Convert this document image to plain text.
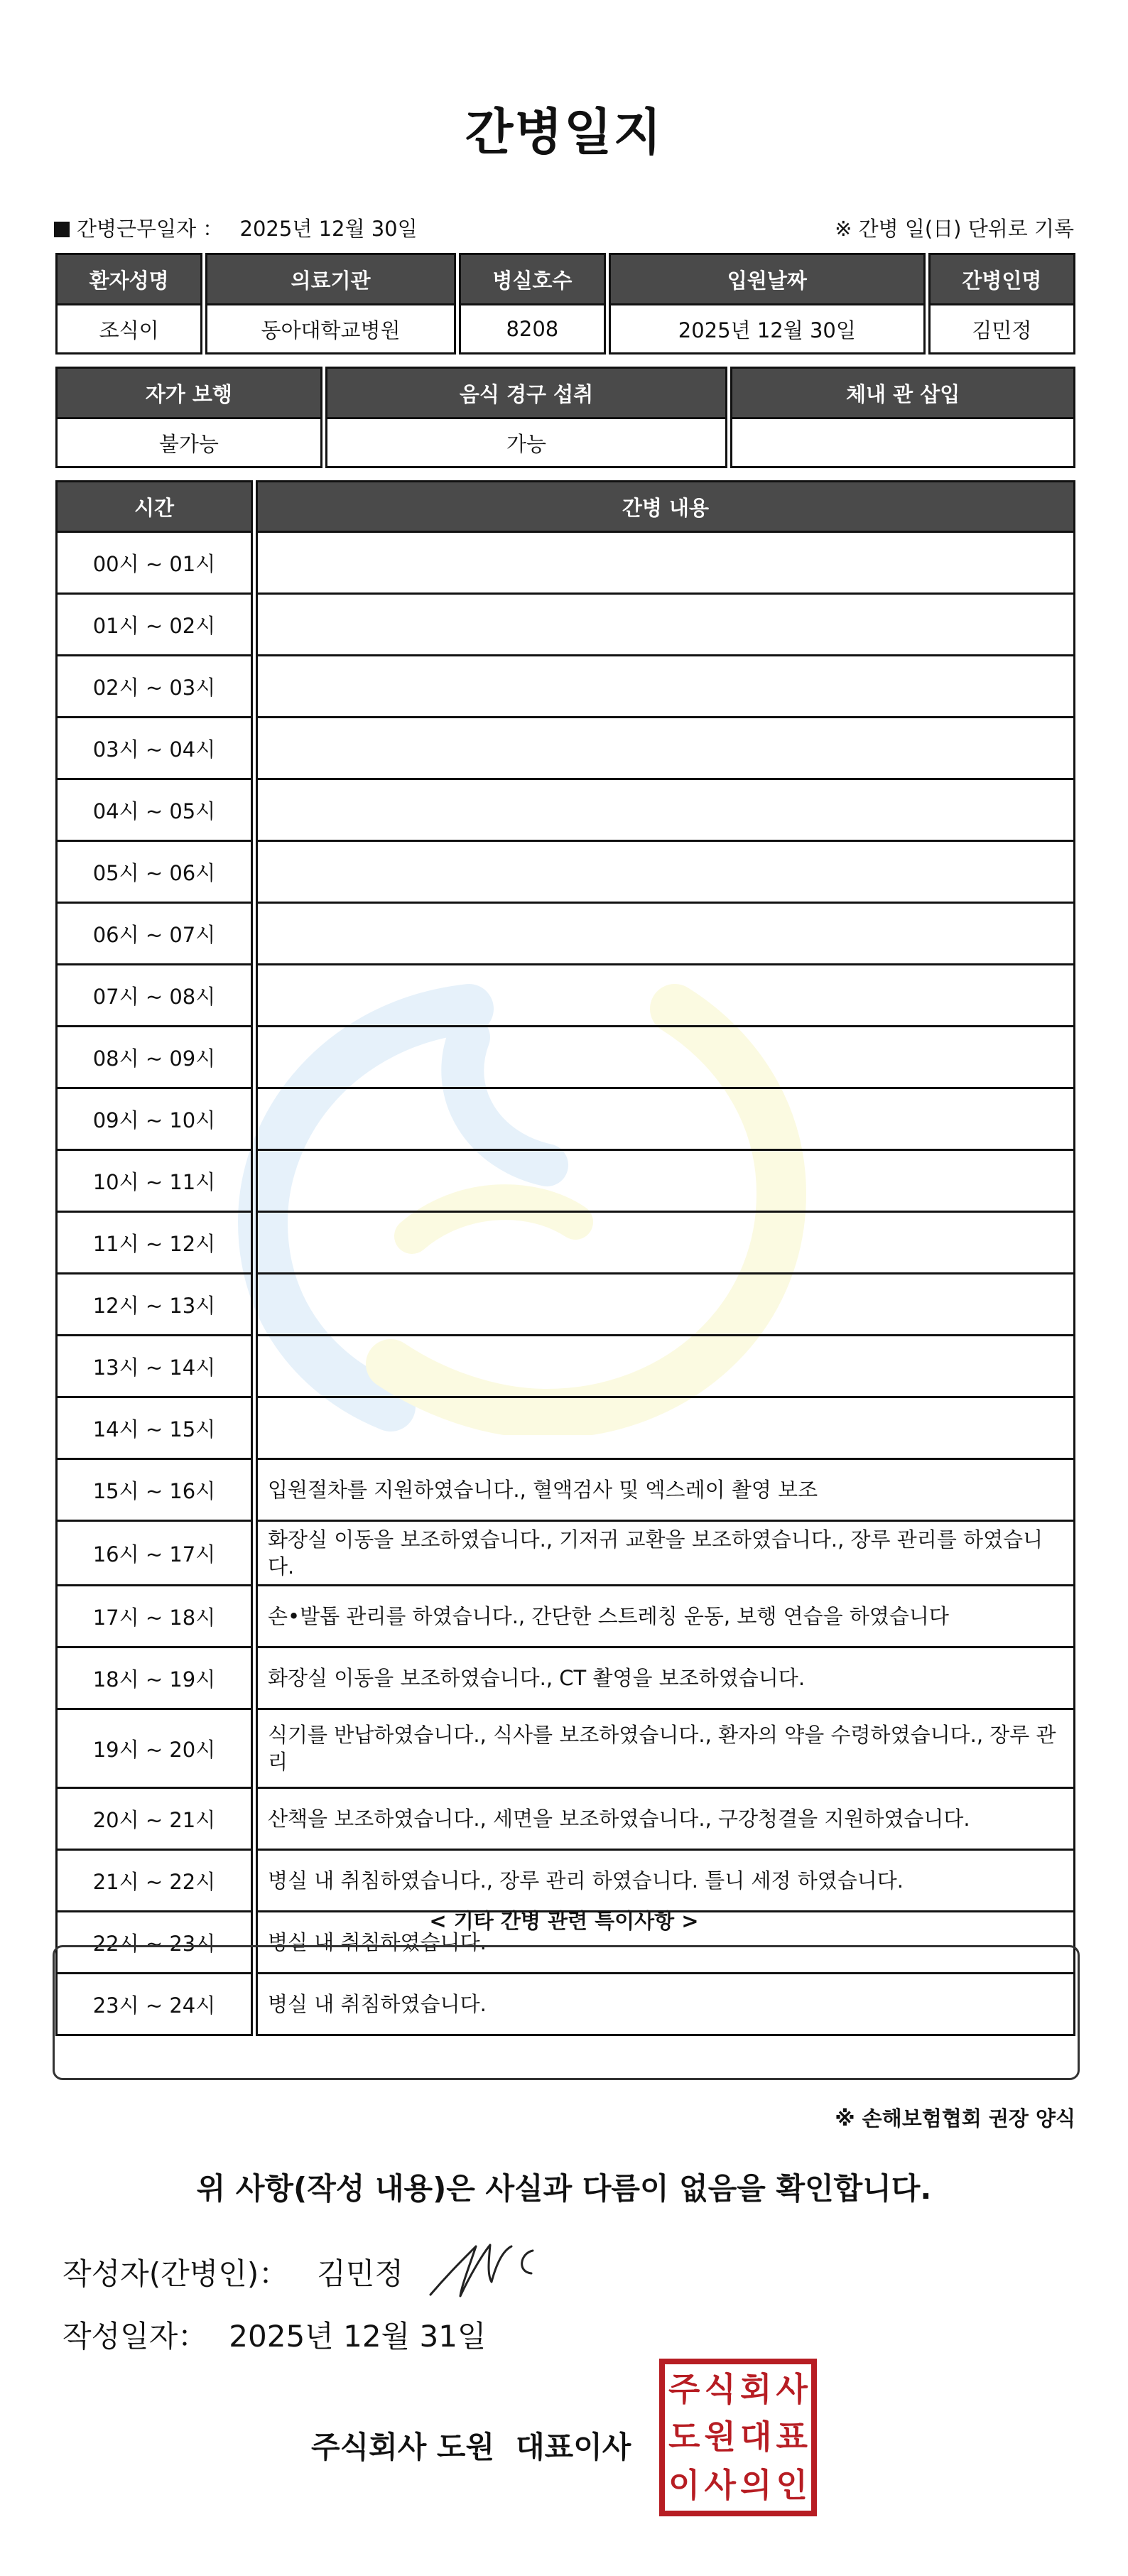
간병일지
간병근무일자 ： 2025년 12월 30일	※ 간병 일(日) 단위로 기록
환자성명	의료기관	병실호수	입원날짜	간병인명
조식이	동아대학교병원	8208	2025년 12월 30일	김민정
자가 보행	음식 경구 섭취	체내 관 삽입
불가능	가능	
시간	간병 내용
00시 ~ 01시	
01시 ~ 02시	
02시 ~ 03시	
03시 ~ 04시	
04시 ~ 05시	
05시 ~ 06시	
06시 ~ 07시	
07시 ~ 08시	
08시 ~ 09시	
09시 ~ 10시	
10시 ~ 11시	
11시 ~ 12시	
12시 ~ 13시	
13시 ~ 14시	
14시 ~ 15시	
15시 ~ 16시	입원절차를 지원하였습니다., 혈액검사 및 엑스레이 촬영 보조
16시 ~ 17시	화장실 이동을 보조하였습니다., 기저귀 교환을 보조하였습니다., 장루 관리를 하였습니다.
17시 ~ 18시	손•발톱 관리를 하였습니다., 간단한 스트레칭 운동, 보행 연습을 하였습니다
18시 ~ 19시	화장실 이동을 보조하였습니다., CT 촬영을 보조하였습니다.
19시 ~ 20시	식기를 반납하였습니다., 식사를 보조하였습니다., 환자의 약을 수령하였습니다., 장루 관리
20시 ~ 21시	산책을 보조하였습니다., 세면을 보조하였습니다., 구강청결을 지원하였습니다.
21시 ~ 22시	병실 내 취침하였습니다., 장루 관리 하였습니다. 틀니 세정 하였습니다.
22시 ~ 23시	병실 내 취침하였습니다.
23시 ~ 24시	병실 내 취침하였습니다.
< 기타 간병 관련 특이사항 >
※ 손해보험협회 권장 양식
위 사항(작성 내용)은 사실과 다름이 없음을 확인합니다.
작성자(간병인)： 김민정
작성일자： 2025년 12월 31일
주식회사 도원 대표이사
주 식 회 사
도 원 대 표
이 사 의 인
